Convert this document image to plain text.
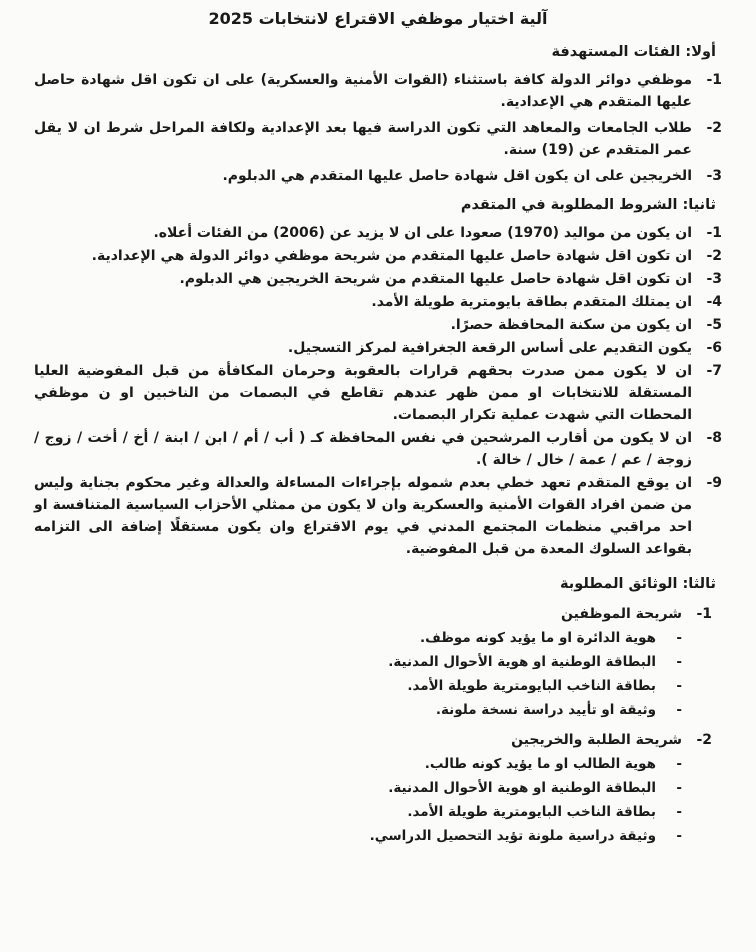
آلية اختيار موظفي الاقتراع لانتخابات 2025
أولا: الفئات المستهدفة
-1
موظفي دوائر الدولة كافة باستثناء (القوات الأمنية والعسكرية) على ان تكون اقل شهادة حاصل عليها المتقدم هي الإعدادية.
-2
طلاب الجامعات والمعاهد التي تكون الدراسة فيها بعد الإعدادية ولكافة المراحل شرط ان لا يقل عمر المتقدم عن (19) سنة.
-3
الخريجين على ان يكون اقل شهادة حاصل عليها المتقدم هي الدبلوم.
ثانيا: الشروط المطلوبة في المتقدم
-1
ان يكون من مواليد (1970) صعودا على ان لا يزيد عن (2006) من الفئات أعلاه.
-2
ان تكون اقل شهادة حاصل عليها المتقدم من شريحة موظفي دوائر الدولة هي الإعدادية.
-3
ان تكون اقل شهادة حاصل عليها المتقدم من شريحة الخريجين هي الدبلوم.
-4
ان يمتلك المتقدم بطاقة بايومترية طويلة الأمد.
-5
ان يكون من سكنة المحافظة حصرًا.
-6
يكون التقديم على أساس الرقعة الجغرافية لمركز التسجيل.
-7
ان لا يكون ممن صدرت بحقهم قرارات بالعقوبة وحرمان المكافأة من قبل المفوضية العليا المستقلة للانتخابات او ممن ظهر عندهم تقاطع في البصمات من الناخبين او ن موظفي المحطات التي شهدت عملية تكرار البصمات.
-8
ان لا يكون من أقارب المرشحين في نفس المحافظة كـ ( أب / أم / ابن / ابنة / أخ / أخت / زوج / زوجة / عم / عمة / خال / خالة ).
-9
ان يوقع المتقدم تعهد خطي بعدم شموله بإجراءات المساءلة والعدالة وغير محكوم بجناية وليس من ضمن افراد القوات الأمنية والعسكرية وان لا يكون من ممثلي الأحزاب السياسية المتنافسة او احد مراقبي منظمات المجتمع المدني في يوم الاقتراع وان يكون مستقلًا إضافة الى التزامه بقواعد السلوك المعدة من قبل المفوضية.
ثالثا: الوثائق المطلوبة
-1
شريحة الموظفين
-
هوية الدائرة او ما يؤيد كونه موظف.
-
البطاقة الوطنية او هوية الأحوال المدنية.
-
بطاقة الناخب البايومترية طويلة الأمد.
-
وثيقة او تأييد دراسة نسخة ملونة.
-2
شريحة الطلبة والخريجين
-
هوية الطالب او ما يؤيد كونه طالب.
-
البطاقة الوطنية او هوية الأحوال المدنية.
-
بطاقة الناخب البايومترية طويلة الأمد.
-
وثيقة دراسية ملونة تؤيد التحصيل الدراسي.
